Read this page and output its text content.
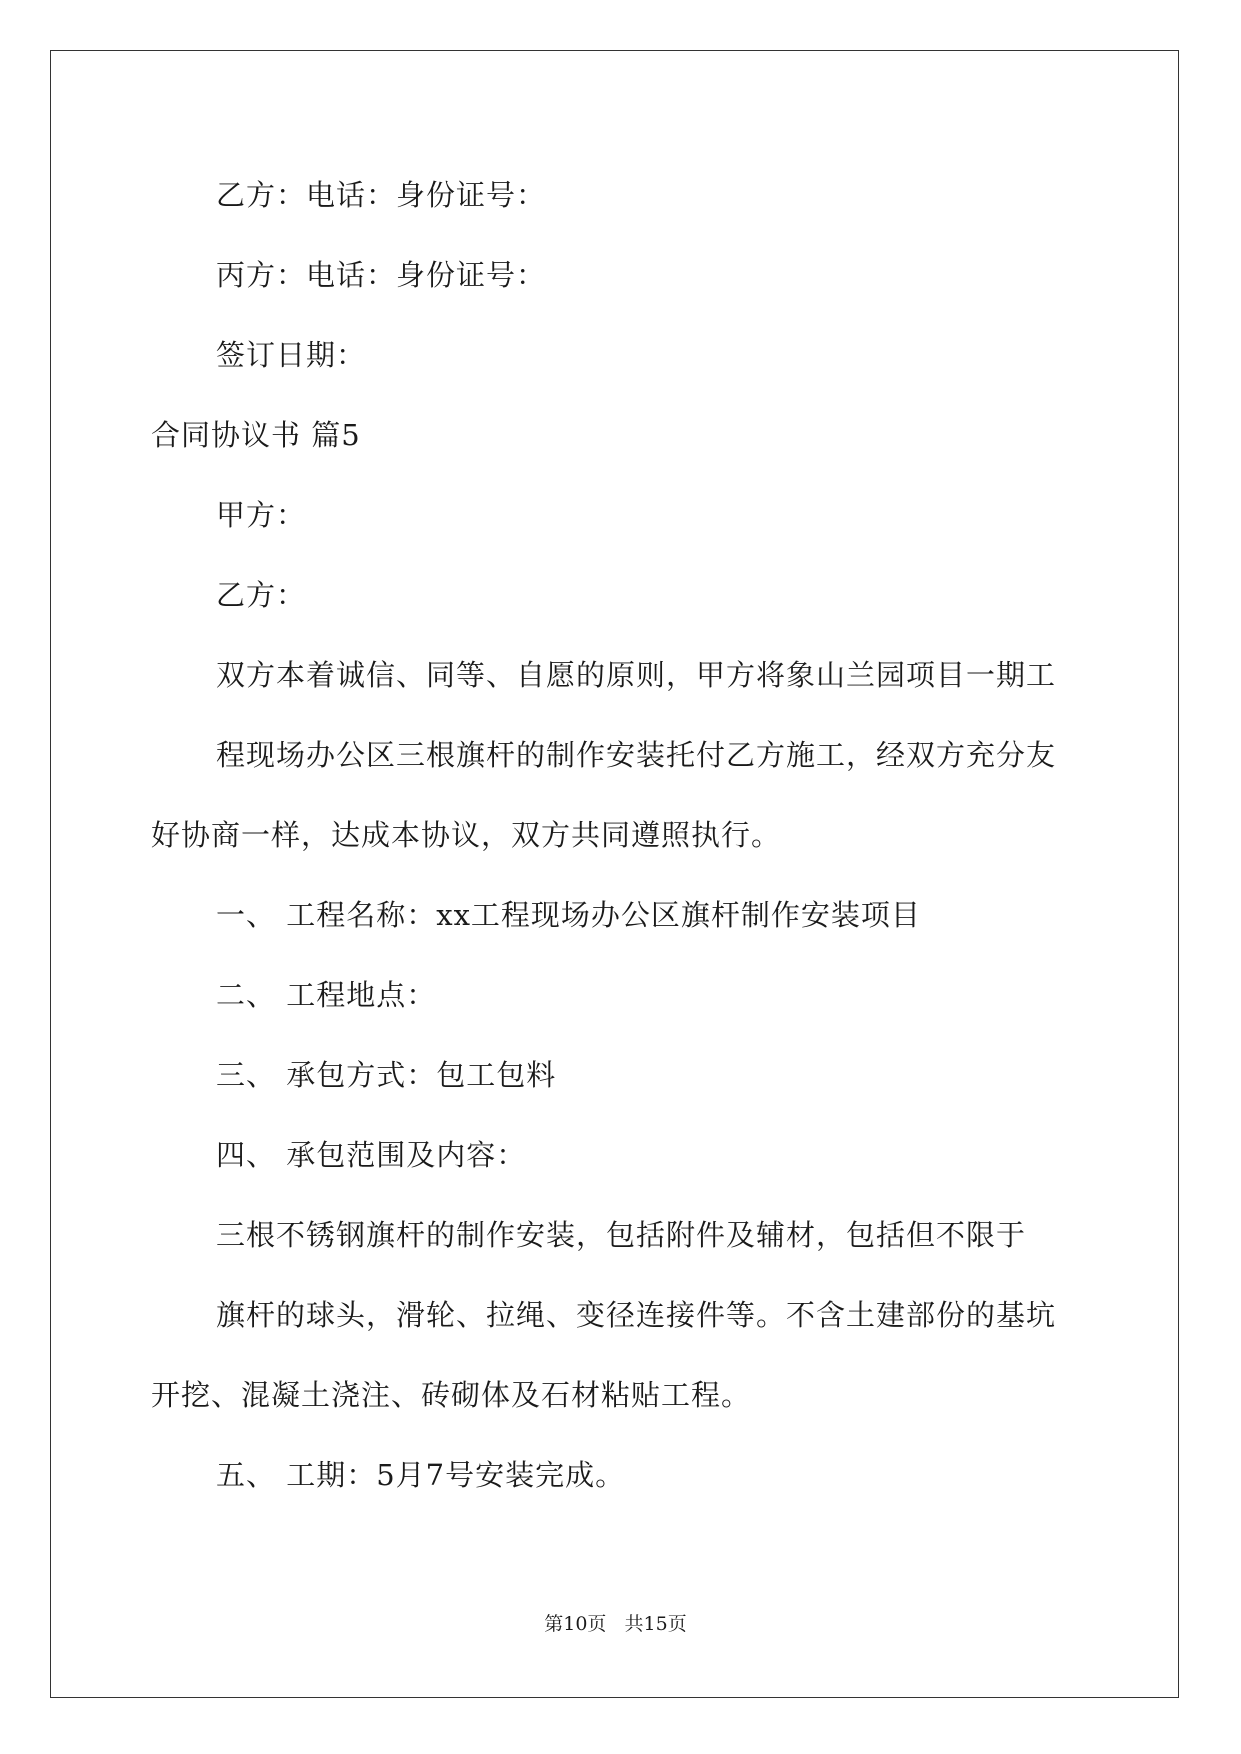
乙方：电话：身份证号：
丙方：电话：身份证号：
签订日期：
合同协议书 篇5
甲方：
乙方：
双方本着诚信、同等、自愿的原则，甲方将象山兰园项目一期工
程现场办公区三根旗杆的制作安装托付乙方施工，经双方充分友
好协商一样，达成本协议，双方共同遵照执行。
一、 工程名称：xx工程现场办公区旗杆制作安装项目
二、 工程地点：
三、 承包方式：包工包料
四、 承包范围及内容：
三根不锈钢旗杆的制作安装，包括附件及辅材，包括但不限于
旗杆的球头，滑轮、拉绳、变径连接件等。不含土建部份的基坑
开挖、混凝土浇注、砖砌体及石材粘贴工程。
五、 工期：5月7号安装完成。
第10页   共15页
